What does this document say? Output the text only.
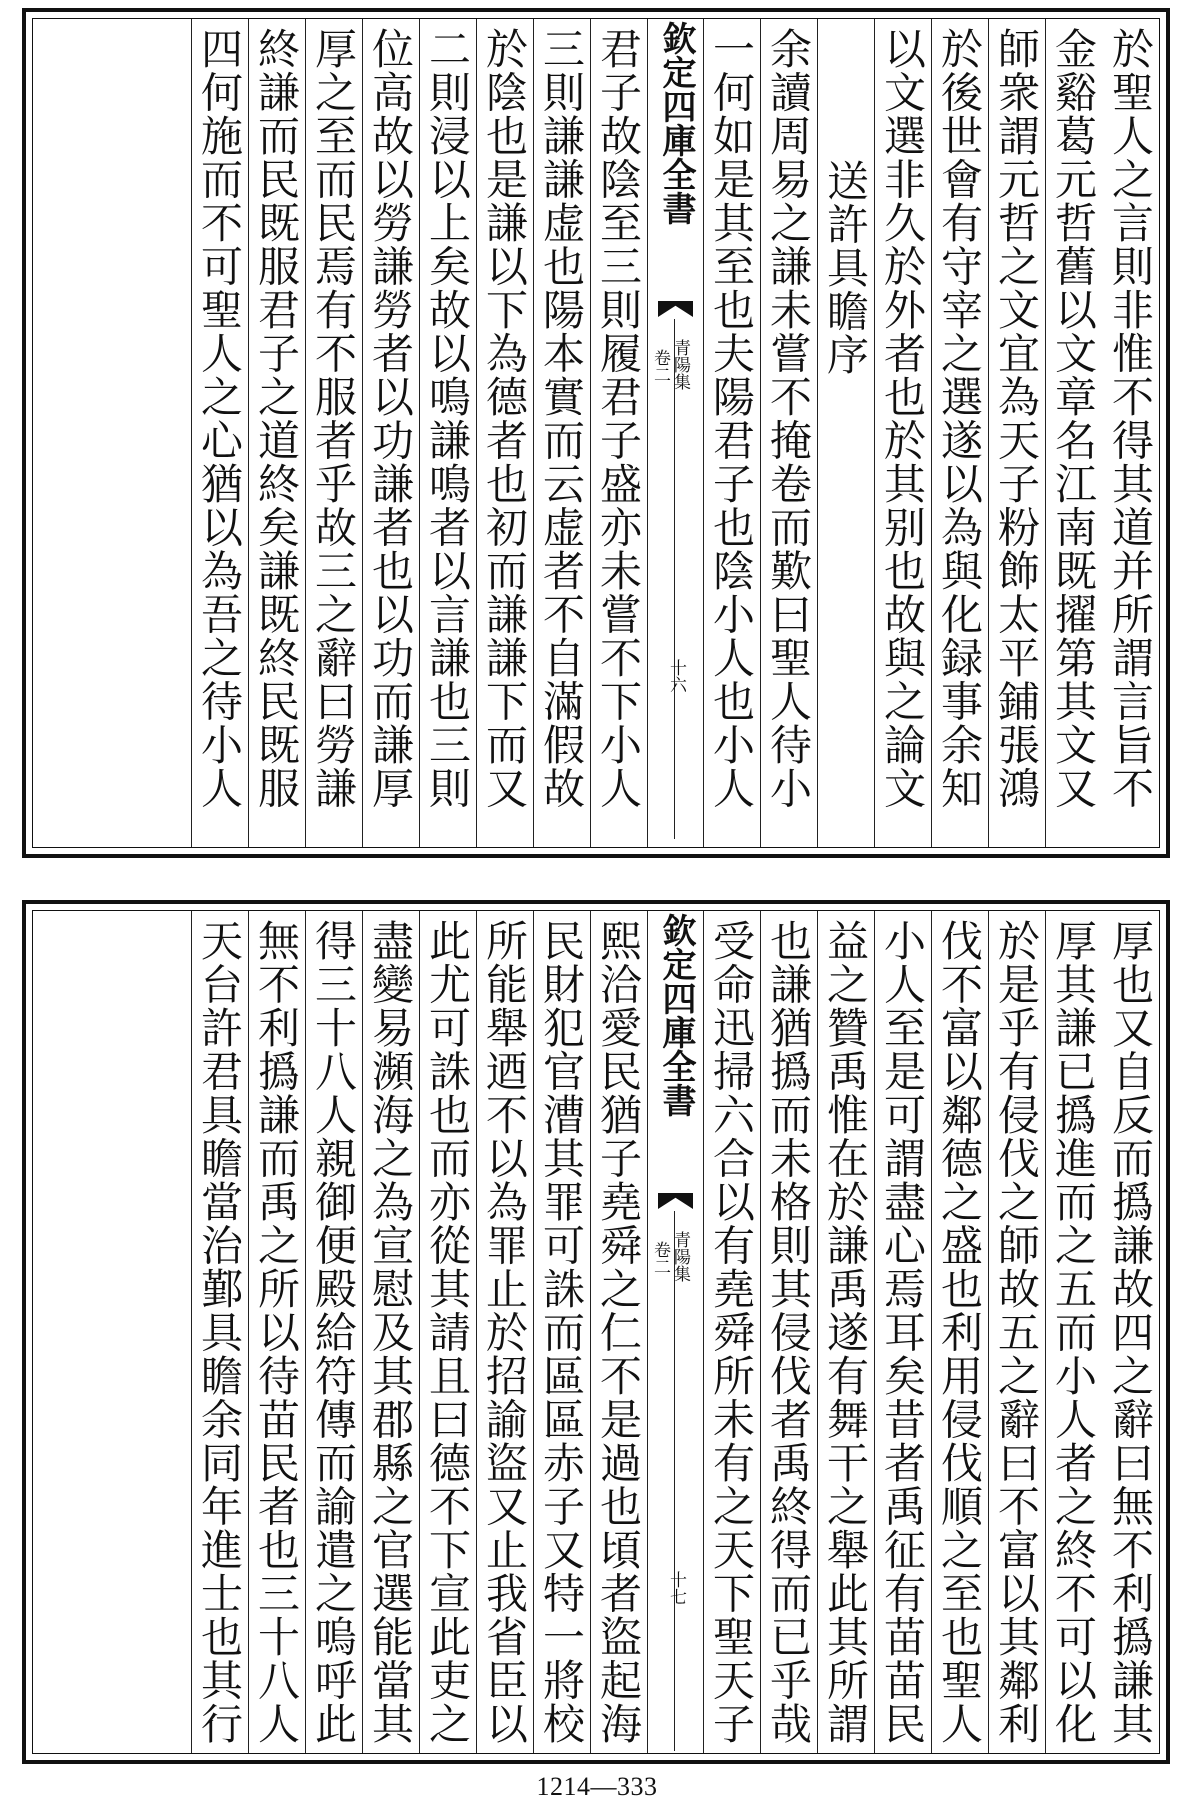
於聖人之言則非惟不得其道并所謂言旨不
金谿葛元哲舊以文章名江南既擢第其文又
師衆謂元哲之文宜為天子粉飾太平鋪張鴻
於後世會有守宰之選遂以為與化録事余知
以文選非久於外者也於其别也故與之論文
送許具瞻序
余讀周易之謙未嘗不掩卷而歎曰聖人待小
一何如是其至也夫陽君子也陰小人也小人
欽定四庫全書
青陽集
卷二
十六
君子故陰至三則履君子盛亦未嘗不下小人
三則謙謙虚也陽本實而云虚者不自滿假故
於陰也是謙以下為德者也初而謙謙下而又
二則浸以上矣故以鳴謙鳴者以言謙也三則
位高故以勞謙勞者以功謙者也以功而謙厚
厚之至而民焉有不服者乎故三之辭曰勞謙
終謙而民既服君子之道終矣謙既終民既服
四何施而不可聖人之心猶以為吾之待小人
厚也又自反而撝謙故四之辭曰無不利撝謙其
厚其謙已撝進而之五而小人者之終不可以化
於是乎有侵伐之師故五之辭曰不富以其鄰利
伐不富以鄰德之盛也利用侵伐順之至也聖人
小人至是可謂盡心焉耳矣昔者禹征有苗苗民
益之贊禹惟在於謙禹遂有舞干之舉此其所謂
也謙猶撝而未格則其侵伐者禹終得而已乎哉
受命迅掃六合以有堯舜所未有之天下聖天子
欽定四庫全書
青陽集
卷二
十七
熙洽愛民猶子堯舜之仁不是過也頃者盜起海
民財犯官漕其罪可誅而區區赤子又特一將校
所能舉迺不以為罪止於招諭盜又止我省臣以
此尤可誅也而亦從其請且曰德不下宣此吏之
盡變易瀕海之為宣慰及其郡縣之官選能當其
得三十八人親御便殿給符傳而諭遣之嗚呼此
無不利撝謙而禹之所以待苗民者也三十八人
天台許君具瞻當治鄞具瞻余同年進士也其行
1214—333
